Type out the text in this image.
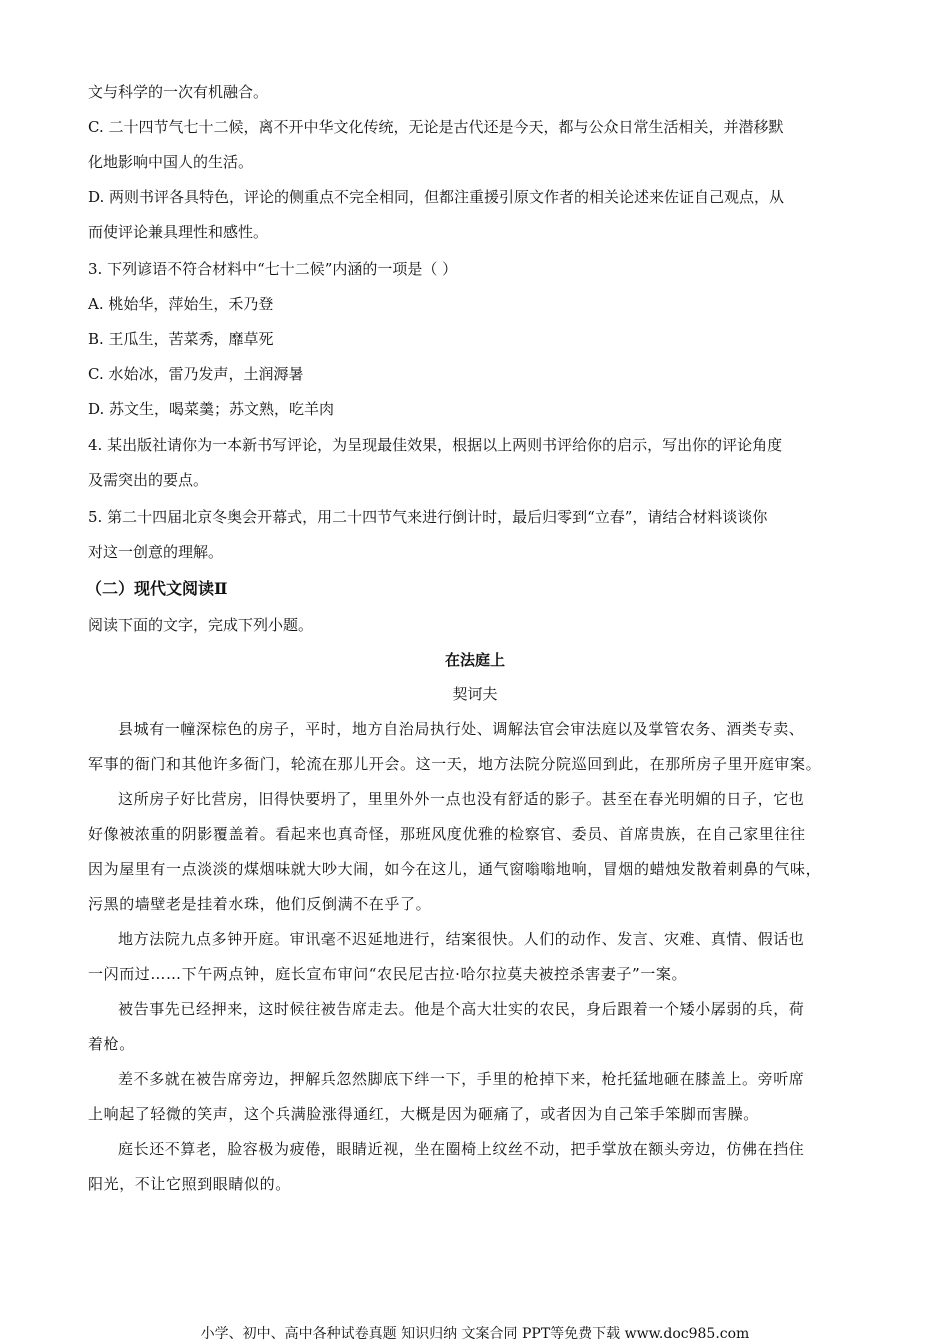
文与科学的一次有机融合。
C. 二十四节气七十二候，离不开中华文化传统，无论是古代还是今天，都与公众日常生活相关，并潜移默
化地影响中国人的生活。
D. 两则书评各具特色，评论的侧重点不完全相同，但都注重援引原文作者的相关论述来佐证自己观点，从
而使评论兼具理性和感性。
3. 下列谚语不符合材料中“七十二候”内涵的一项是（ ）
A. 桃始华，萍始生，禾乃登
B. 王瓜生，苦菜秀，靡草死
C. 水始冰，雷乃发声，土润溽暑
D. 苏文生，喝菜羹；苏文熟，吃羊肉
4. 某出版社请你为一本新书写评论，为呈现最佳效果，根据以上两则书评给你的启示，写出你的评论角度
及需突出的要点。
5. 第二十四届北京冬奥会开幕式，用二十四节气来进行倒计时，最后归零到“立春”，请结合材料谈谈你
对这一创意的理解。
（二）现代文阅读Ⅱ
阅读下面的文字，完成下列小题。
在法庭上
契诃夫
县城有一幢深棕色的房子，平时，地方自治局执行处、调解法官会审法庭以及掌管农务、酒类专卖、
军事的衙门和其他许多衙门，轮流在那儿开会。这一天，地方法院分院巡回到此，在那所房子里开庭审案。
这所房子好比营房，旧得快要坍了，里里外外一点也没有舒适的影子。甚至在春光明媚的日子，它也
好像被浓重的阴影覆盖着。看起来也真奇怪，那班风度优雅的检察官、委员、首席贵族，在自己家里往往
因为屋里有一点淡淡的煤烟味就大吵大闹，如今在这儿，通气窗嗡嗡地响，冒烟的蜡烛发散着刺鼻的气味，
污黑的墙壁老是挂着水珠，他们反倒满不在乎了。
地方法院九点多钟开庭。审讯毫不迟延地进行，结案很快。人们的动作、发言、灾难、真情、假话也
一闪而过……下午两点钟，庭长宣布审问“农民尼古拉·哈尔拉莫夫被控杀害妻子”一案。
被告事先已经押来，这时候往被告席走去。他是个高大壮实的农民，身后跟着一个矮小孱弱的兵，荷
着枪。
差不多就在被告席旁边，押解兵忽然脚底下绊一下，手里的枪掉下来，枪托猛地砸在膝盖上。旁听席
上响起了轻微的笑声，这个兵满脸涨得通红，大概是因为砸痛了，或者因为自己笨手笨脚而害臊。
庭长还不算老，脸容极为疲倦，眼睛近视，坐在圈椅上纹丝不动，把手掌放在额头旁边，仿佛在挡住
阳光，不让它照到眼睛似的。
小学、初中、高中各种试卷真题 知识归纳 文案合同 PPT等免费下载 www.doc985.com
